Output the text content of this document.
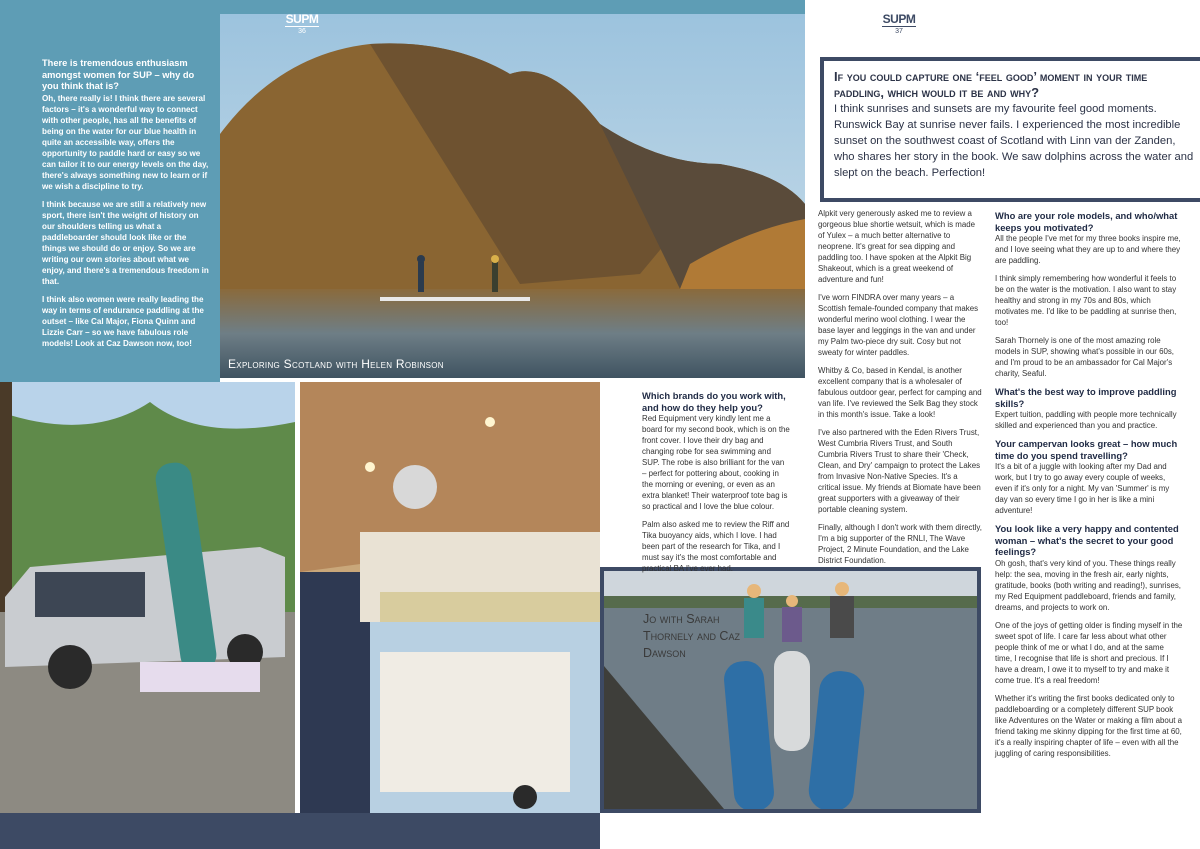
Exploring Scotland with Helen Robinson
Jo with Sarah Thornely and Caz Dawson
SUPM
36
SUPM
37
There is tremendous enthusiasm amongst women for SUP – why do you think that is?

Oh, there really is! I think there are several factors – it's a wonderful way to connect with other people, has all the benefits of being on the water for our blue health in quite an accessible way, offers the opportunity to paddle hard or easy so we can tailor it to our energy levels on the day, there's always something new to learn or if we wish a discipline to try.

I think because we are still a relatively new sport, there isn't the weight of history on our shoulders telling us what a paddleboarder should look like or the things we should do or enjoy. So we are writing our own stories about what we enjoy, and there's a tremendous freedom in that.

I think also women were really leading the way in terms of endurance paddling at the outset – like Cal Major, Fiona Quinn and Lizzie Carr – so we have fabulous role models! Look at Caz Dawson now, too!

If you could capture one ‘feel good’ moment in your time paddling, which would it be and why?

I think sunrises and sunsets are my favourite feel good moments. Runswick Bay at sunrise never fails. I experienced the most incredible sunset on the southwest coast of Scotland with Linn van der Zanden, who shares her story in the book. We saw dolphins across the water and slept on the beach. Perfection!

Which brands do you work with, and how do they help you?

Red Equipment very kindly lent me a board for my second book, which is on the front cover. I love their dry bag and changing robe for sea swimming and SUP. The robe is also brilliant for the van – perfect for pottering about, cooking in the morning or evening, or even as an extra blanket! Their waterproof tote bag is so practical and I love the blue colour.

Palm also asked me to review the Riff and Tika buoyancy aids, which I love. I had been part of the research for Tika, and I must say it's the most comfortable and practical BA I've ever had.

Alpkit very generously asked me to review a gorgeous blue shortie wetsuit, which is made of Yulex – a much better alternative to neoprene. It's great for sea dipping and paddling too. I have spoken at the Alpkit Big Shakeout, which is a great weekend of adventure and fun!

I've worn FINDRA over many years – a Scottish female-founded company that makes wonderful merino wool clothing. I wear the base layer and leggings in the van and under my Palm two-piece dry suit. Cosy but not sweaty for winter paddles.

Whitby & Co, based in Kendal, is another excellent company that is a wholesaler of fabulous outdoor gear, perfect for camping and van life. I've reviewed the Selk Bag they stock in this month's issue. Take a look!

I've also partnered with the Eden Rivers Trust, West Cumbria Rivers Trust, and South Cumbria Rivers Trust to share their 'Check, Clean, and Dry' campaign to protect the Lakes from Invasive Non-Native Species. It's a critical issue. My friends at Biomate have been great supporters with a giveaway of their portable cleaning system.

Finally, although I don't work with them directly, I'm a big supporter of the RNLI, The Wave Project, 2 Minute Foundation, and the Lake District Foundation.

Who are your role models, and who/what keeps you motivated?

All the people I've met for my three books inspire me, and I love seeing what they are up to and where they are paddling.

I think simply remembering how wonderful it feels to be on the water is the motivation. I also want to stay healthy and strong in my 70s and 80s, which motivates me. I'd like to be paddling at sunrise then, too!

Sarah Thornely is one of the most amazing role models in SUP, showing what's possible in our 60s, and I'm proud to be an ambassador for Cal Major's charity, Seaful.

What's the best way to improve paddling skills?

Expert tuition, paddling with people more technically skilled and experienced than you and practice.

Your campervan looks great – how much time do you spend travelling?

It's a bit of a juggle with looking after my Dad and work, but I try to go away every couple of weeks, even if it's only for a night. My van 'Summer' is my day van so every time I go in her is like a mini adventure!

You look like a very happy and contented woman – what's the secret to your good feelings?

Oh gosh, that's very kind of you. These things really help: the sea, moving in the fresh air, early nights, gratitude, books (both writing and reading!), sunrises, my Red Equipment paddleboard, friends and family, dreams, and projects to work on.

One of the joys of getting older is finding myself in the sweet spot of life. I care far less about what other people think of me or what I do, and at the same time, I recognise that life is short and precious. If I have a dream, I owe it to myself to try and make it come true. It's a real freedom!

Whether it's writing the first books dedicated only to paddleboarding or a completely different SUP book like Adventures on the Water or making a film about a friend taking me skinny dipping for the first time at 60, it's a really inspiring chapter of life – even with all the juggling of caring responsibilities.
